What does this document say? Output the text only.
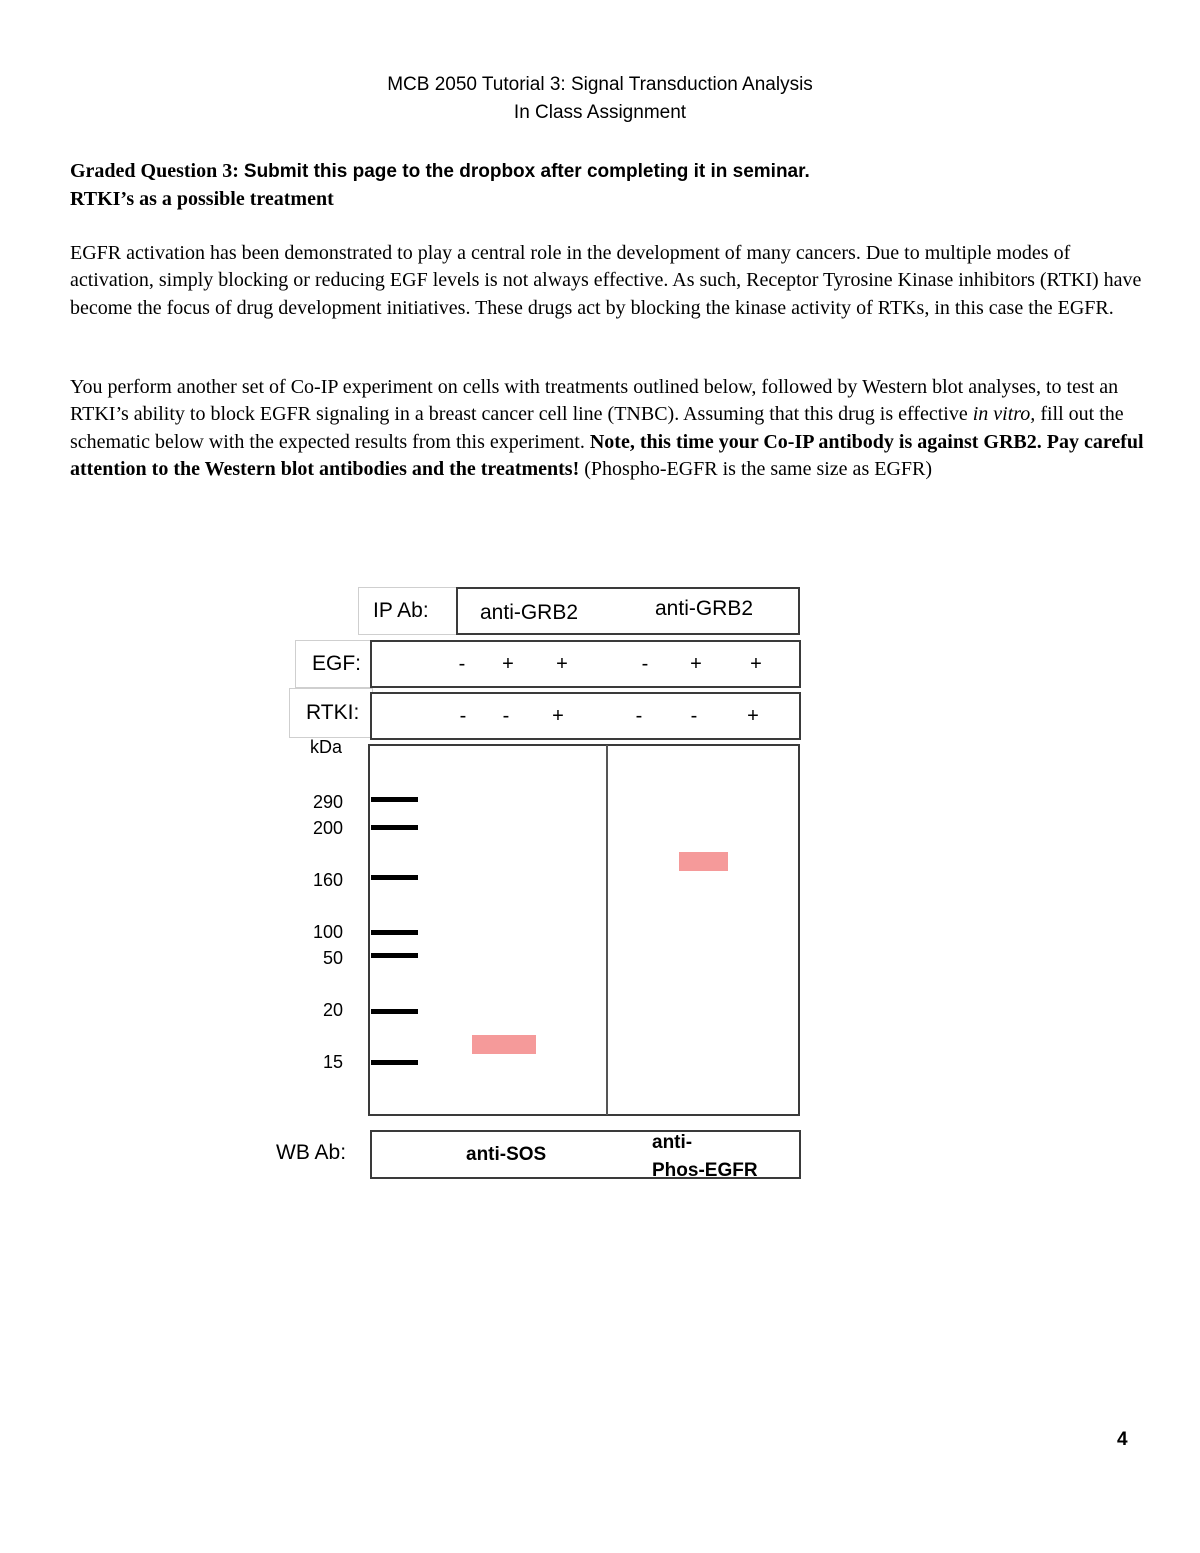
MCB 2050 Tutorial 3: Signal Transduction Analysis
In Class Assignment
Graded Question 3: Submit this page to the dropbox after completing it in seminar.
RTKI’s as a possible treatment
EGFR activation has been demonstrated to play a central role in the development of many cancers. Due to multiple modes of activation, simply blocking or reducing EGF levels is not always effective. As such, Receptor Tyrosine Kinase inhibitors (RTKI) have become the focus of drug development initiatives. These drugs act by blocking the kinase activity of RTKs, in this case the EGFR.
You perform another set of Co-IP experiment on cells with treatments outlined below, followed by Western blot analyses, to test an RTKI’s ability to block EGFR signaling in a breast cancer cell line (TNBC). Assuming that this drug is effective in vitro, fill out the schematic below with the expected results from this experiment. Note, this time your Co-IP antibody is against GRB2. Pay careful attention to the Western blot antibodies and the treatments! (Phospho-EGFR is the same size as EGFR)
IP Ab: anti-GRB2	anti-GRB2
EGF:	-	+ +	-	+ +
RTKI:	-	-	+	-	-	+
kDa
290
200
160
100
50
20
15
WB Ab:	anti-SOS
anti-
Phos-EGFR
4
